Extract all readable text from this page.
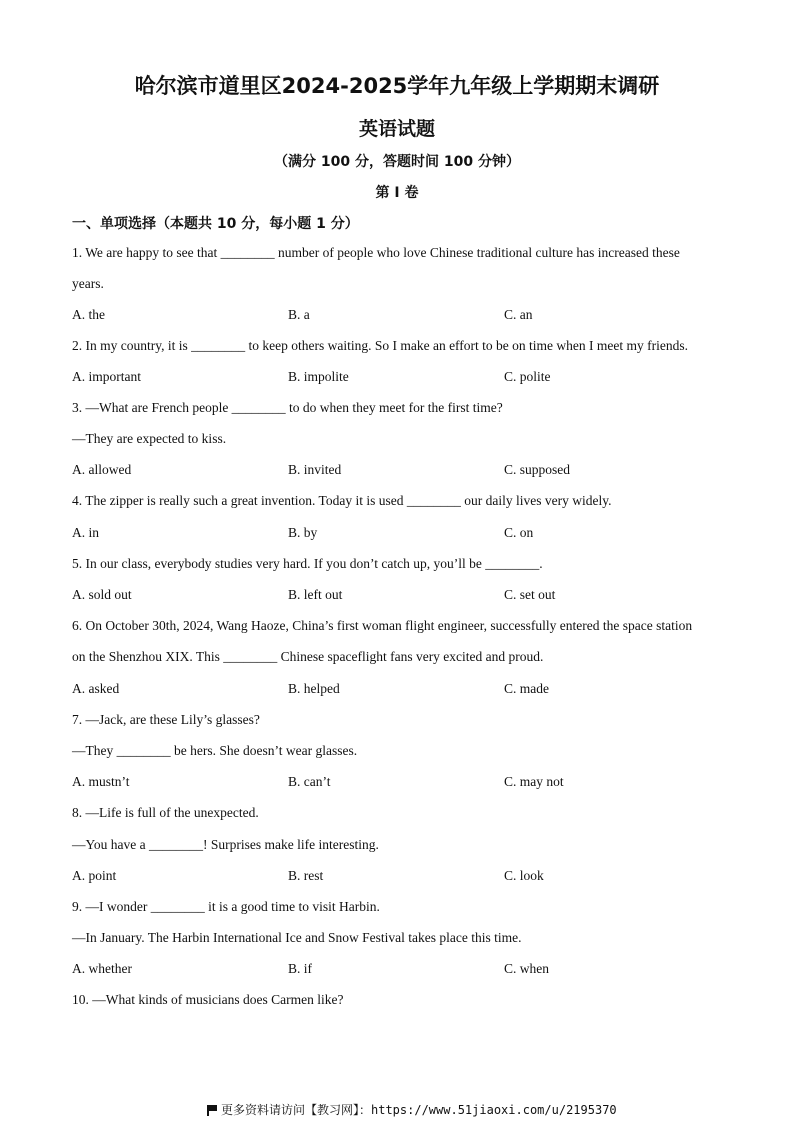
哈尔滨市道里区2024-2025学年九年级上学期期末调研
英语试题
（满分 100 分，答题时间 100 分钟）
第 I 卷
一、单项选择（本题共 10 分，每小题 1 分）
1. We are happy to see that ________ number of people who love Chinese traditional culture has increased these
years.
A. the	B. a	C. an
2. In my country, it is ________ to keep others waiting. So I make an effort to be on time when I meet my friends.
A. important	B. impolite	C. polite
3. —What are French people ________ to do when they meet for the first time?
—They are expected to kiss.
A. allowed	B. invited	C. supposed
4. The zipper is really such a great invention. Today it is used ________ our daily lives very widely.
A. in	B. by	C. on
5. In our class, everybody studies very hard. If you don’t catch up, you’ll be ________.
A. sold out	B. left out	C. set out
6. On October 30th, 2024, Wang Haoze, China’s first woman flight engineer, successfully entered the space station
on the Shenzhou XIX. This ________ Chinese spaceflight fans very excited and proud.
A. asked	B. helped	C. made
7. —Jack, are these Lily’s glasses?
—They ________ be hers. She doesn’t wear glasses.
A. mustn’t	B. can’t	C. may not
8. —Life is full of the unexpected.
—You have a ________! Surprises make life interesting.
A. point	B. rest	C. look
9. —I wonder ________ it is a good time to visit Harbin.
—In January. The Harbin International Ice and Snow Festival takes place this time.
A. whether	B. if	C. when
10. —What kinds of musicians does Carmen like?
更多资料请访问【教习网】：https://www.51jiaoxi.com/u/2195370
